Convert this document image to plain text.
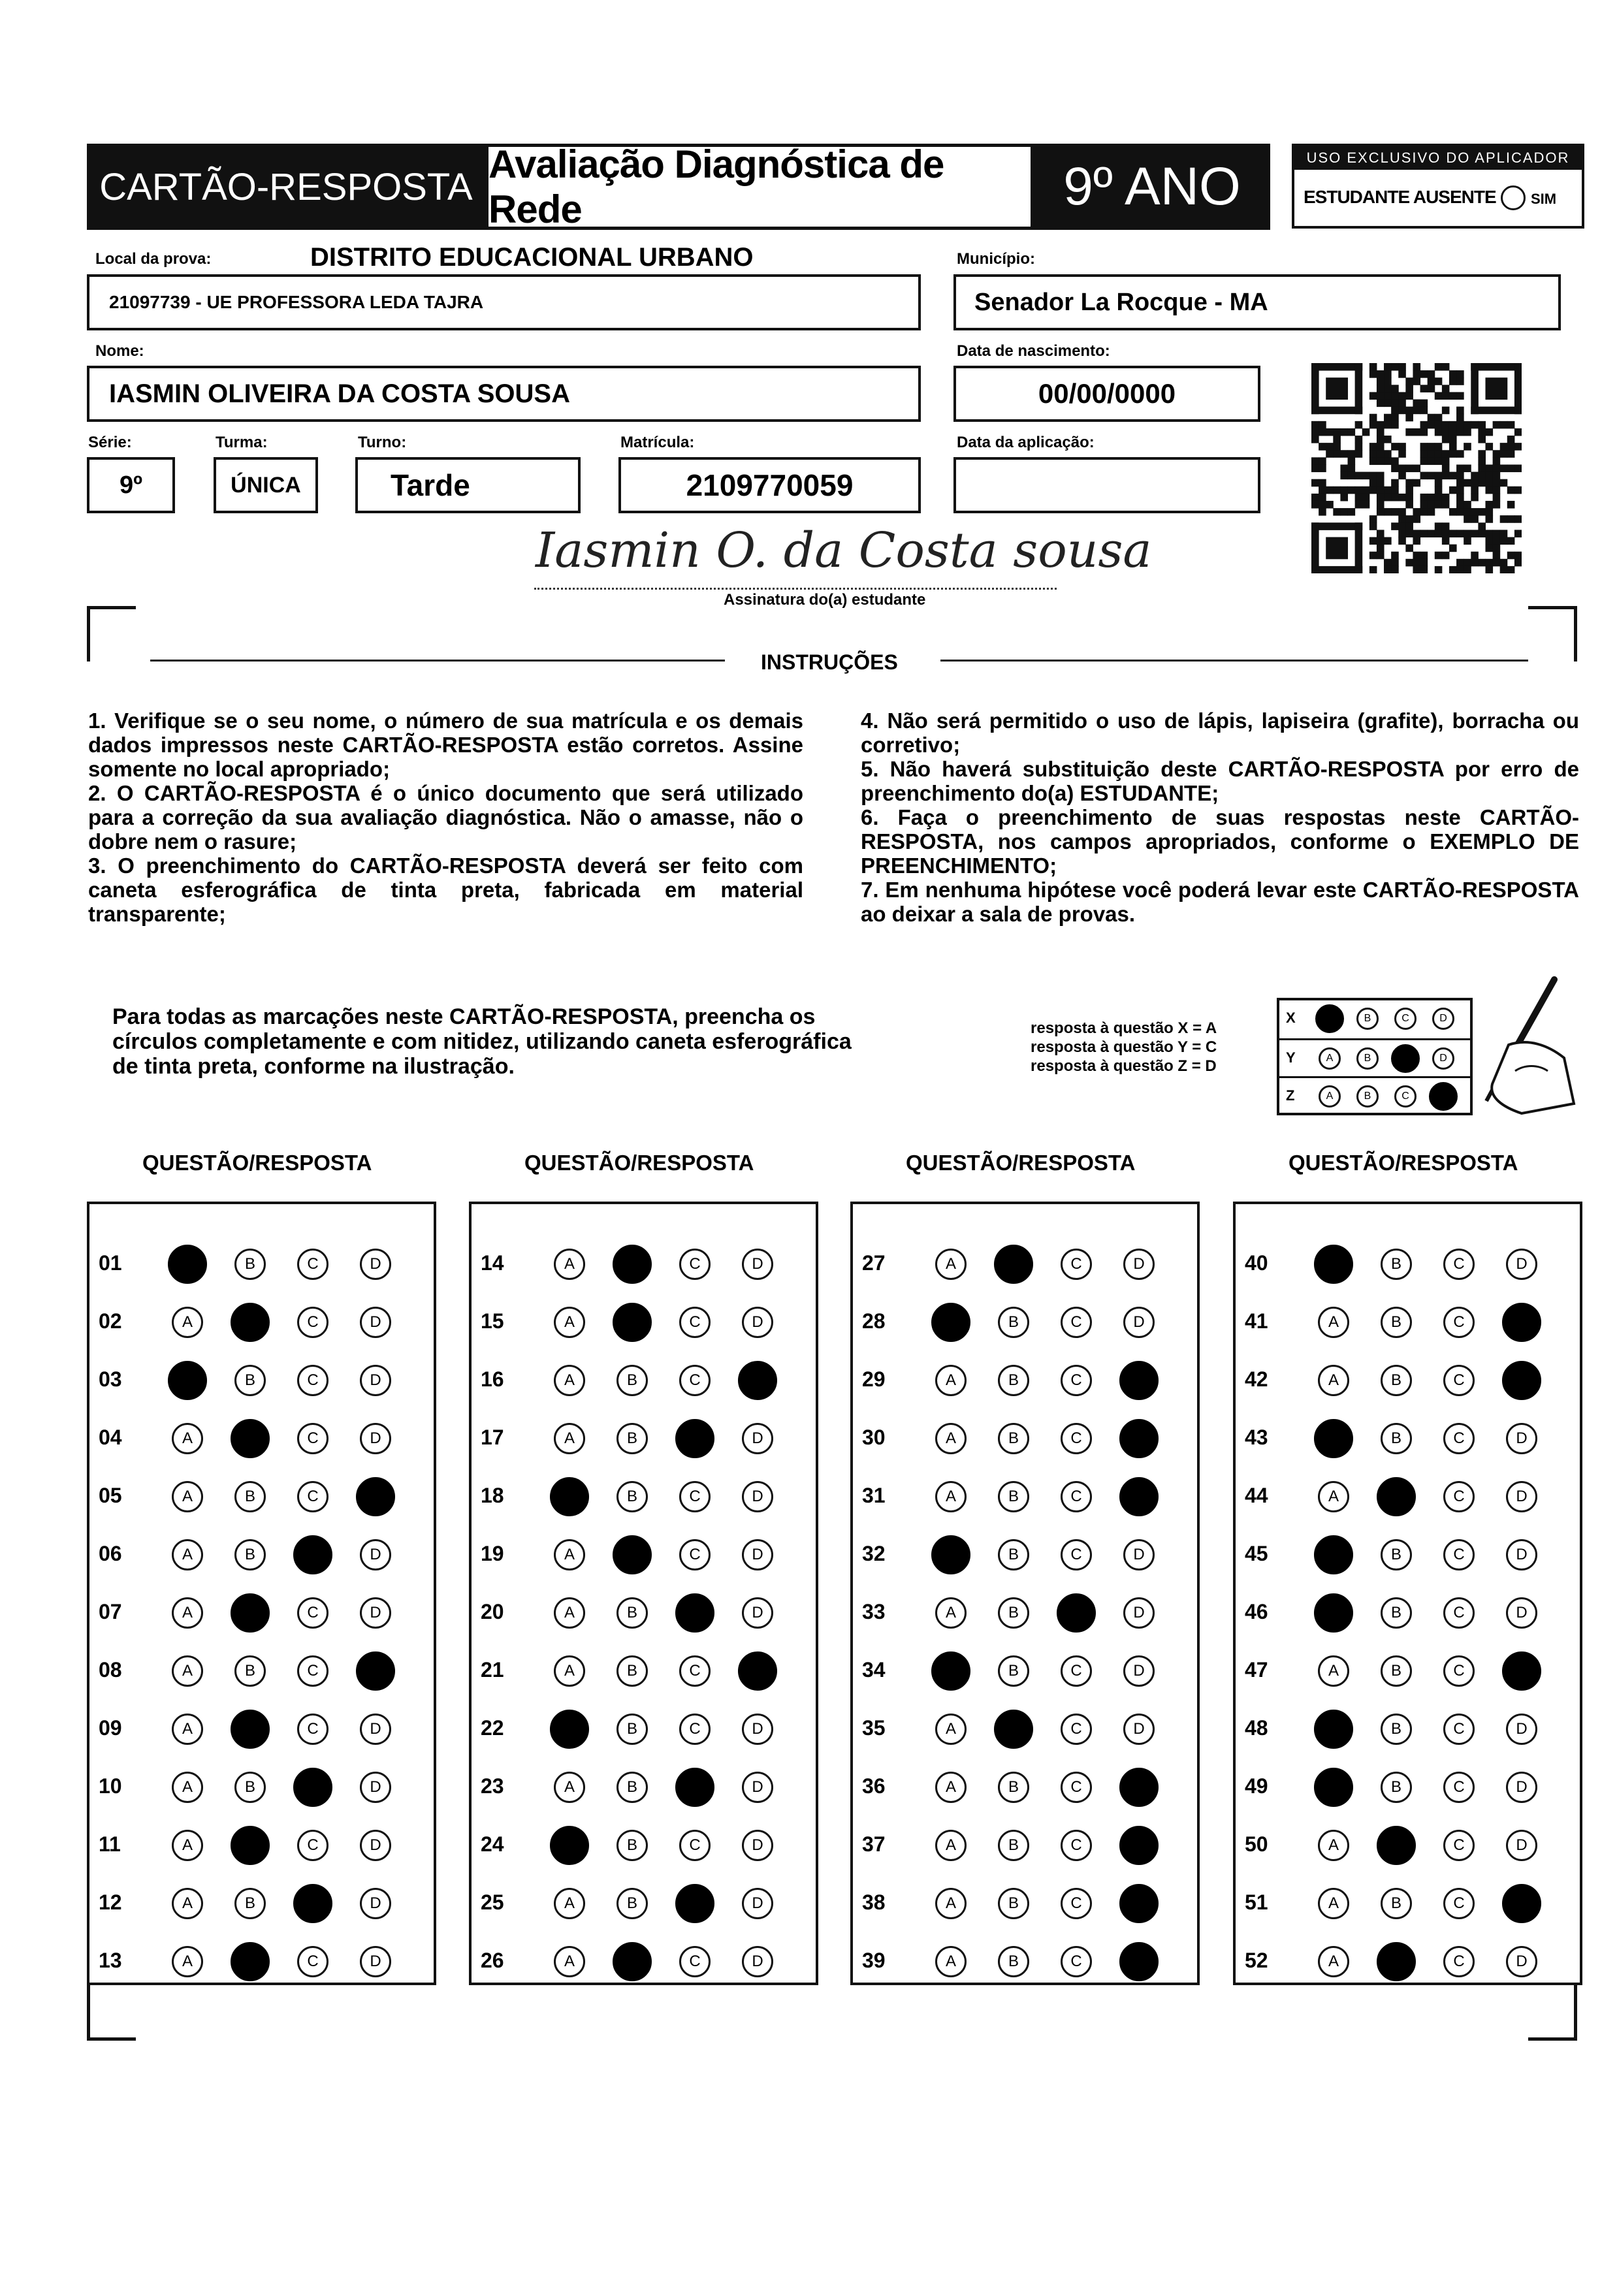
CARTÃO-RESPOSTA
Avaliação Diagnóstica de Rede	9º ANO	USO EXCLUSIVO DO APLICADOR
ESTUDANTE AUSENTE SIM
Local da prova:	DISTRITO EDUCACIONAL URBANO
21097739 - UE PROFESSORA LEDA TAJRA
Município:
Senador La Rocque - MA
Nome:
IASMIN OLIVEIRA DA COSTA SOUSA
Data de nascimento:
00/00/0000
Série:
9º
Turma:
ÚNICA
Turno:
Tarde
Matrícula:
2109770059
Data da aplicação:
Iasmin O. da Costa sousa
Assinatura do(a) estudante
INSTRUÇÕES
1. Verifique se o seu nome, o número de sua matrícula e os demais dados impressos neste CARTÃO-RESPOSTA estão corretos. Assine somente no local apropriado;
2. O CARTÃO-RESPOSTA é o único documento que será utilizado para a correção da sua avaliação diagnóstica. Não o amasse, não o dobre nem o rasure;
3. O preenchimento do CARTÃO-RESPOSTA deverá ser feito com caneta esferográfica de tinta preta, fabricada em material transparente;
4. Não será permitido o uso de lápis, lapiseira (grafite), borracha ou corretivo;
5. Não haverá substituição deste CARTÃO-RESPOSTA por erro de preenchimento do(a) ESTUDANTE;
6. Faça o preenchimento de suas respostas neste CARTÃO-RESPOSTA, nos campos apropriados, conforme o EXEMPLO DE PREENCHIMENTO;
7. Em nenhuma hipótese você poderá levar este CARTÃO-RESPOSTA ao deixar a sala de provas.
Para todas as marcações neste CARTÃO-RESPOSTA, preencha os círculos completamente e com nitidez, utilizando caneta esferográfica de tinta preta, conforme na ilustração.
resposta à questão X = A
resposta à questão Y = C
resposta à questão Z = D
X	A	B	C	D
Y	A	B	C	D
Z	A	B	C	D
QUESTÃO/RESPOSTA
01	A	B	C	D
02	A	B	C	D
03	A	B	C	D
04	A	B	C	D
05	A	B	C	D
06	A	B	C	D
07	A	B	C	D
08	A	B	C	D
09	A	B	C	D
10	A	B	C	D
11	A	B	C	D
12	A	B	C	D
13	A	B	C	D
QUESTÃO/RESPOSTA
14	A	B	C	D
15	A	B	C	D
16	A	B	C	D
17	A	B	C	D
18	A	B	C	D
19	A	B	C	D
20	A	B	C	D
21	A	B	C	D
22	A	B	C	D
23	A	B	C	D
24	A	B	C	D
25	A	B	C	D
26	A	B	C	D
QUESTÃO/RESPOSTA
27	A	B	C	D
28	A	B	C	D
29	A	B	C	D
30	A	B	C	D
31	A	B	C	D
32	A	B	C	D
33	A	B	C	D
34	A	B	C	D
35	A	B	C	D
36	A	B	C	D
37	A	B	C	D
38	A	B	C	D
39	A	B	C	D
QUESTÃO/RESPOSTA
40	A	B	C	D
41	A	B	C	D
42	A	B	C	D
43	A	B	C	D
44	A	B	C	D
45	A	B	C	D
46	A	B	C	D
47	A	B	C	D
48	A	B	C	D
49	A	B	C	D
50	A	B	C	D
51	A	B	C	D
52	A	B	C	D
